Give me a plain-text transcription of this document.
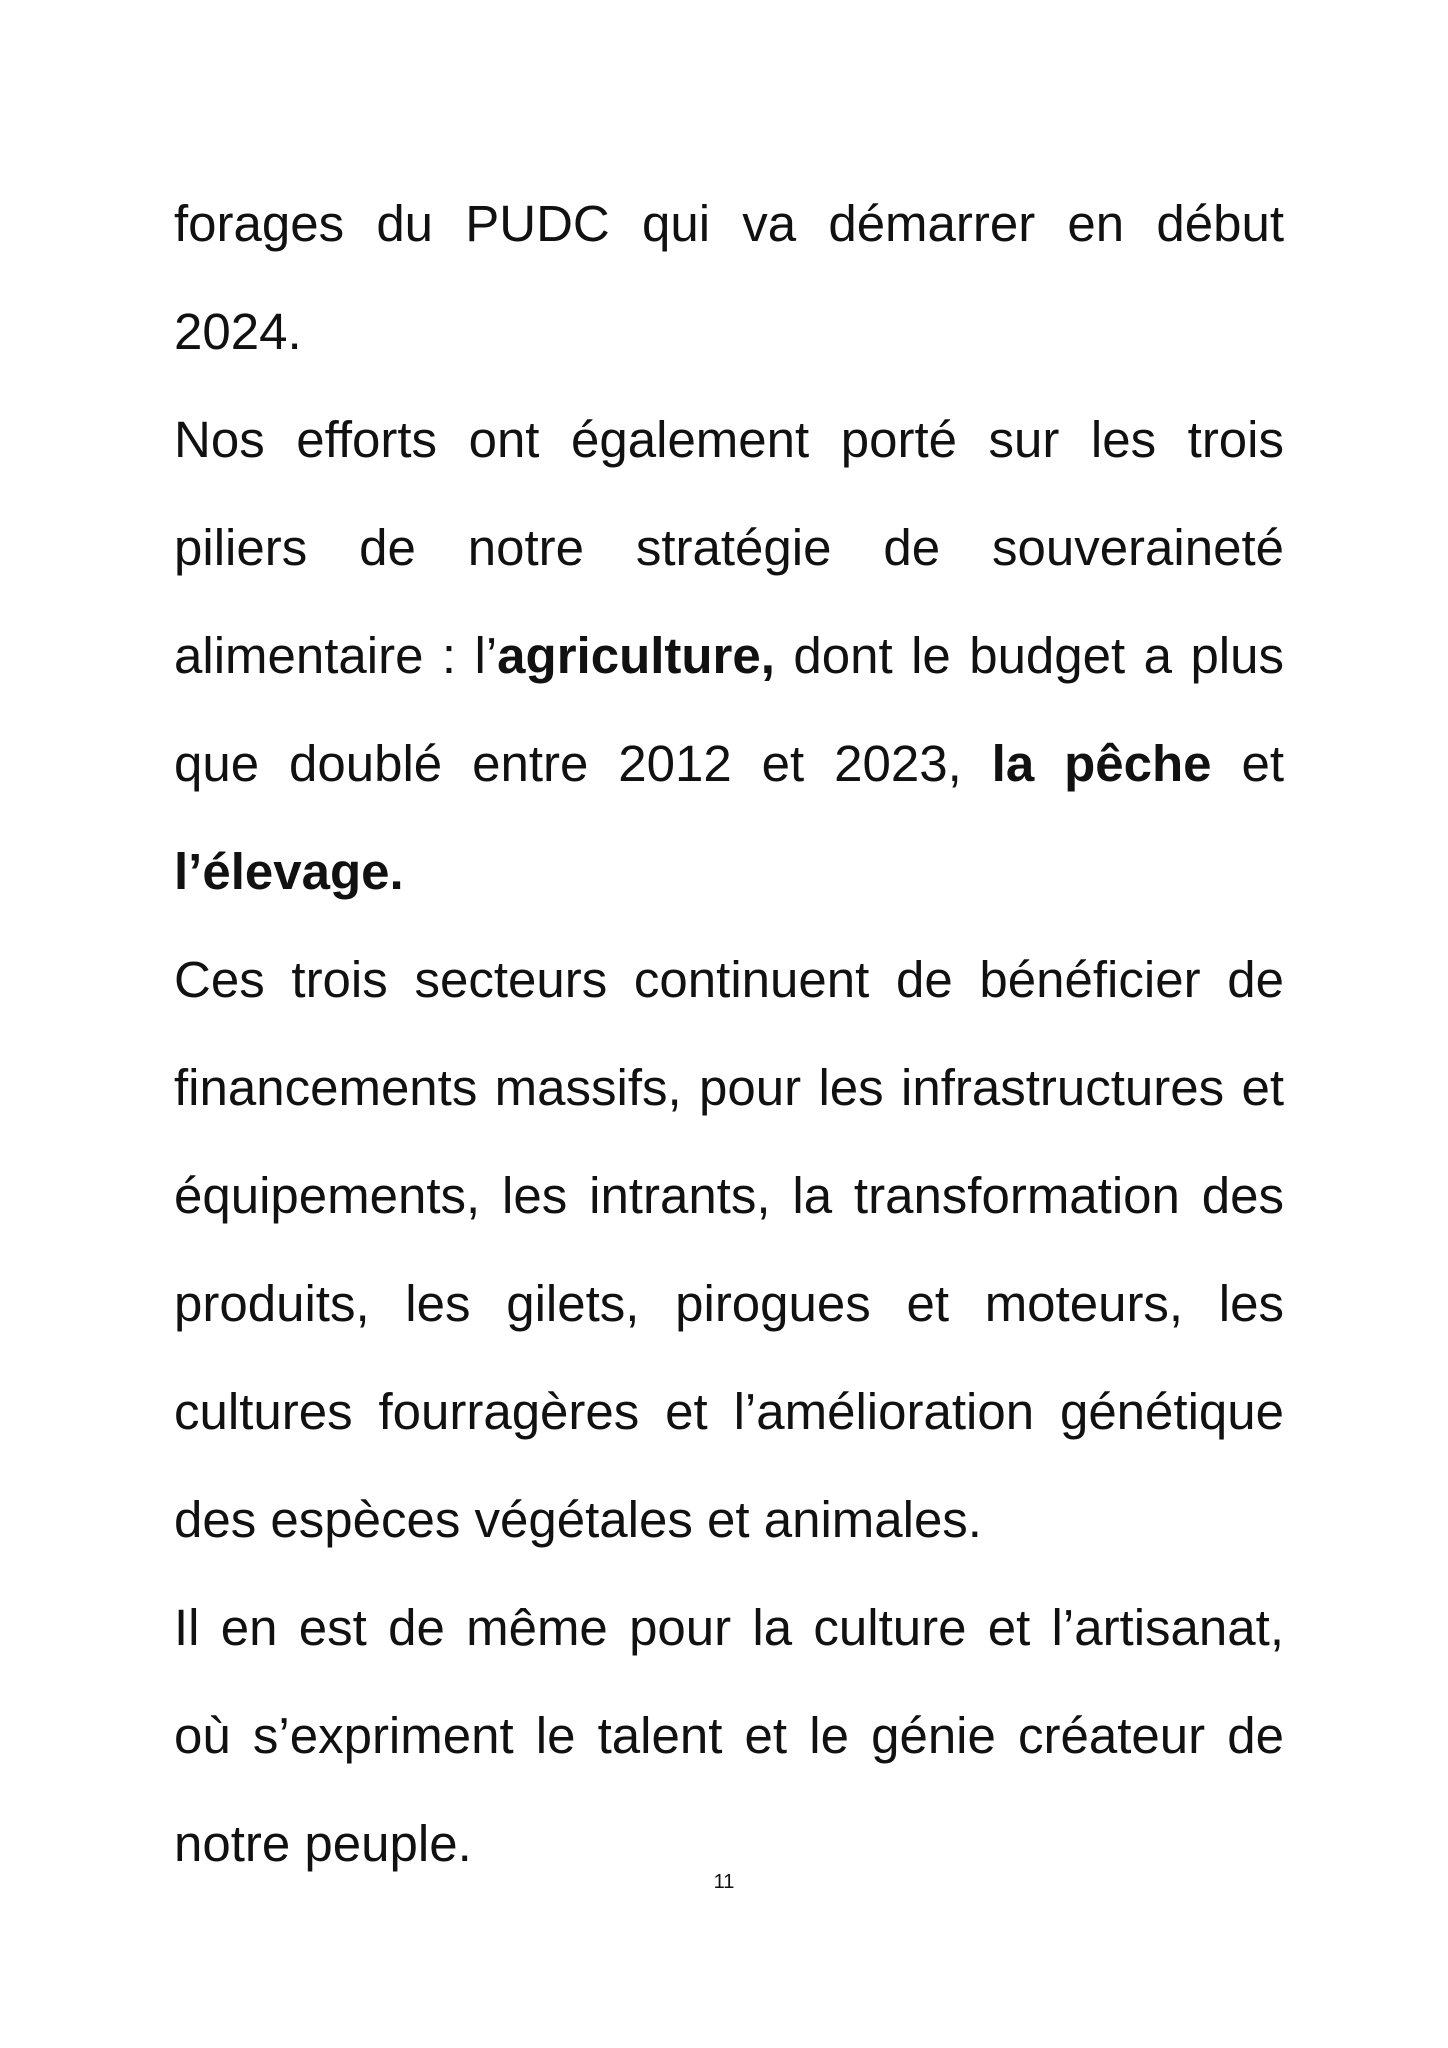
forages du PUDC qui va démarrer en début 2024.

Nos efforts ont également porté sur les trois piliers de notre stratégie de souveraineté alimentaire : l’agriculture, dont le budget a plus que doublé entre 2012 et 2023, la pêche et l’élevage.

Ces trois secteurs continuent de bénéficier de financements massifs, pour les infrastructures et équipements, les intrants, la transformation des produits, les gilets, pirogues et moteurs, les cultures fourragères et l’amélioration génétique des espèces végétales et animales.

Il en est de même pour la culture et l’artisanat, où s’expriment le talent et le génie créateur de notre peuple.

11
